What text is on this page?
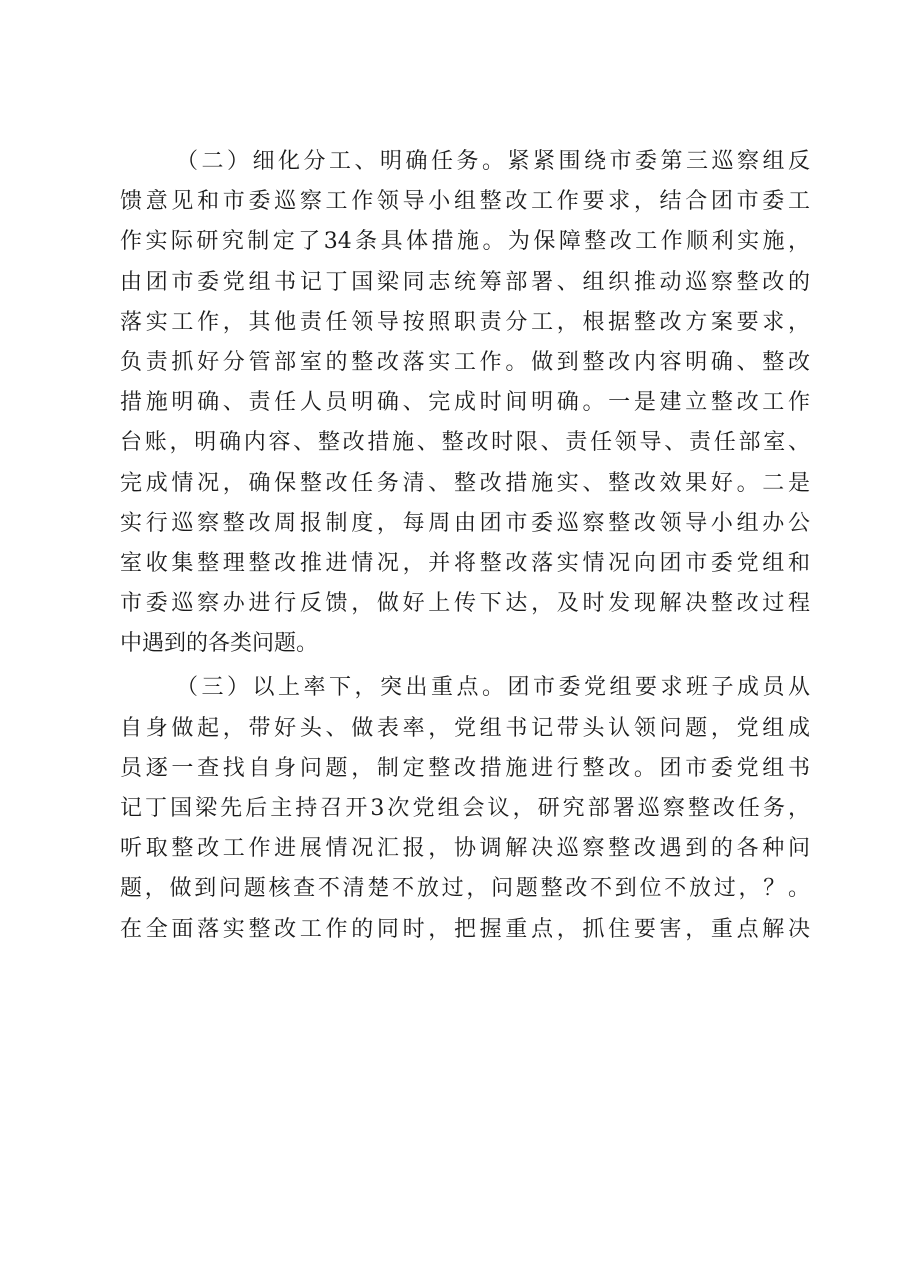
（二）细化分工、明确任务。紧紧围绕市委第三巡察组反
馈意见和市委巡察工作领导小组整改工作要求，结合团市委工
作实际研究制定了34条具体措施。为保障整改工作顺利实施，
由团市委党组书记丁国梁同志统筹部署、组织推动巡察整改的
落实工作，其他责任领导按照职责分工，根据整改方案要求，
负责抓好分管部室的整改落实工作。做到整改内容明确、整改
措施明确、责任人员明确、完成时间明确。一是建立整改工作
台账，明确内容、整改措施、整改时限、责任领导、责任部室、
完成情况，确保整改任务清、整改措施实、整改效果好。二是
实行巡察整改周报制度，每周由团市委巡察整改领导小组办公
室收集整理整改推进情况，并将整改落实情况向团市委党组和
市委巡察办进行反馈，做好上传下达，及时发现解决整改过程
中遇到的各类问题。
（三）以上率下，突出重点。团市委党组要求班子成员从
自身做起，带好头、做表率，党组书记带头认领问题，党组成
员逐一查找自身问题，制定整改措施进行整改。团市委党组书
记丁国梁先后主持召开3次党组会议，研究部署巡察整改任务，
听取整改工作进展情况汇报，协调解决巡察整改遇到的各种问
题，做到问题核查不清楚不放过，问题整改不到位不放过，？。
在全面落实整改工作的同时，把握重点，抓住要害，重点解决
